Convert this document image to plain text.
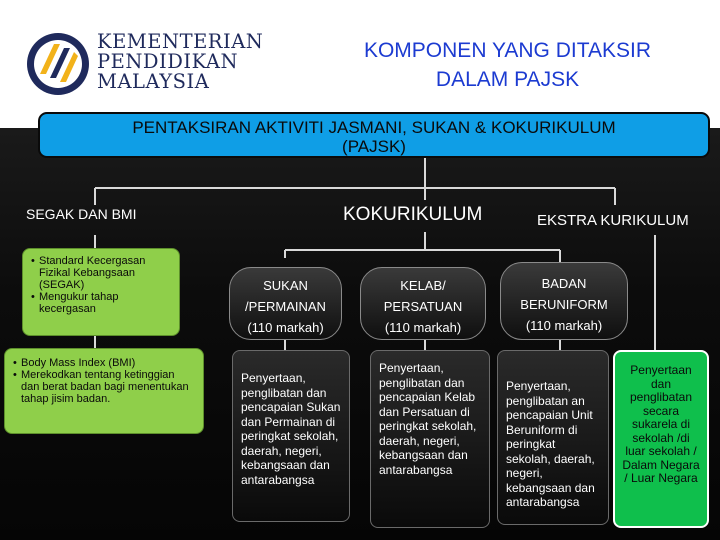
KEMENTERIAN
PENDIDIKAN
MALAYSIA
KOMPONEN YANG DITAKSIR
DALAM PAJSK
PENTAKSIRAN AKTIVITI JASMANI, SUKAN & KOKURIKULUM
(PAJSK)
SEGAK DAN BMI	KOKURIKULUM	EKSTRA KURIKULUM
• Standard Kecergasan Fizikal Kebangsaan (SEGAK)
• Mengukur tahap kecergasan
• Body Mass Index (BMI)
• Merekodkan tentang ketinggian dan berat badan bagi menentukan tahap jisim badan.
SUKAN
/PERMAINAN
(110 markah)
KELAB/
PERSATUAN
(110 markah)
BADAN
BERUNIFORM
(110 markah)
Penyertaan, penglibatan dan pencapaian Sukan dan Permainan di peringkat sekolah, daerah, negeri, kebangsaan dan antarabangsa
Penyertaan, penglibatan dan pencapaian Kelab dan Persatuan di peringkat sekolah, daerah, negeri, kebangsaan dan antarabangsa
Penyertaan, penglibatan an pencapaian Unit Beruniform di peringkat sekolah, daerah, negeri, kebangsaan dan antarabangsa
Penyertaan dan penglibatan secara sukarela di sekolah /di luar sekolah / Dalam Negara / Luar Negara
